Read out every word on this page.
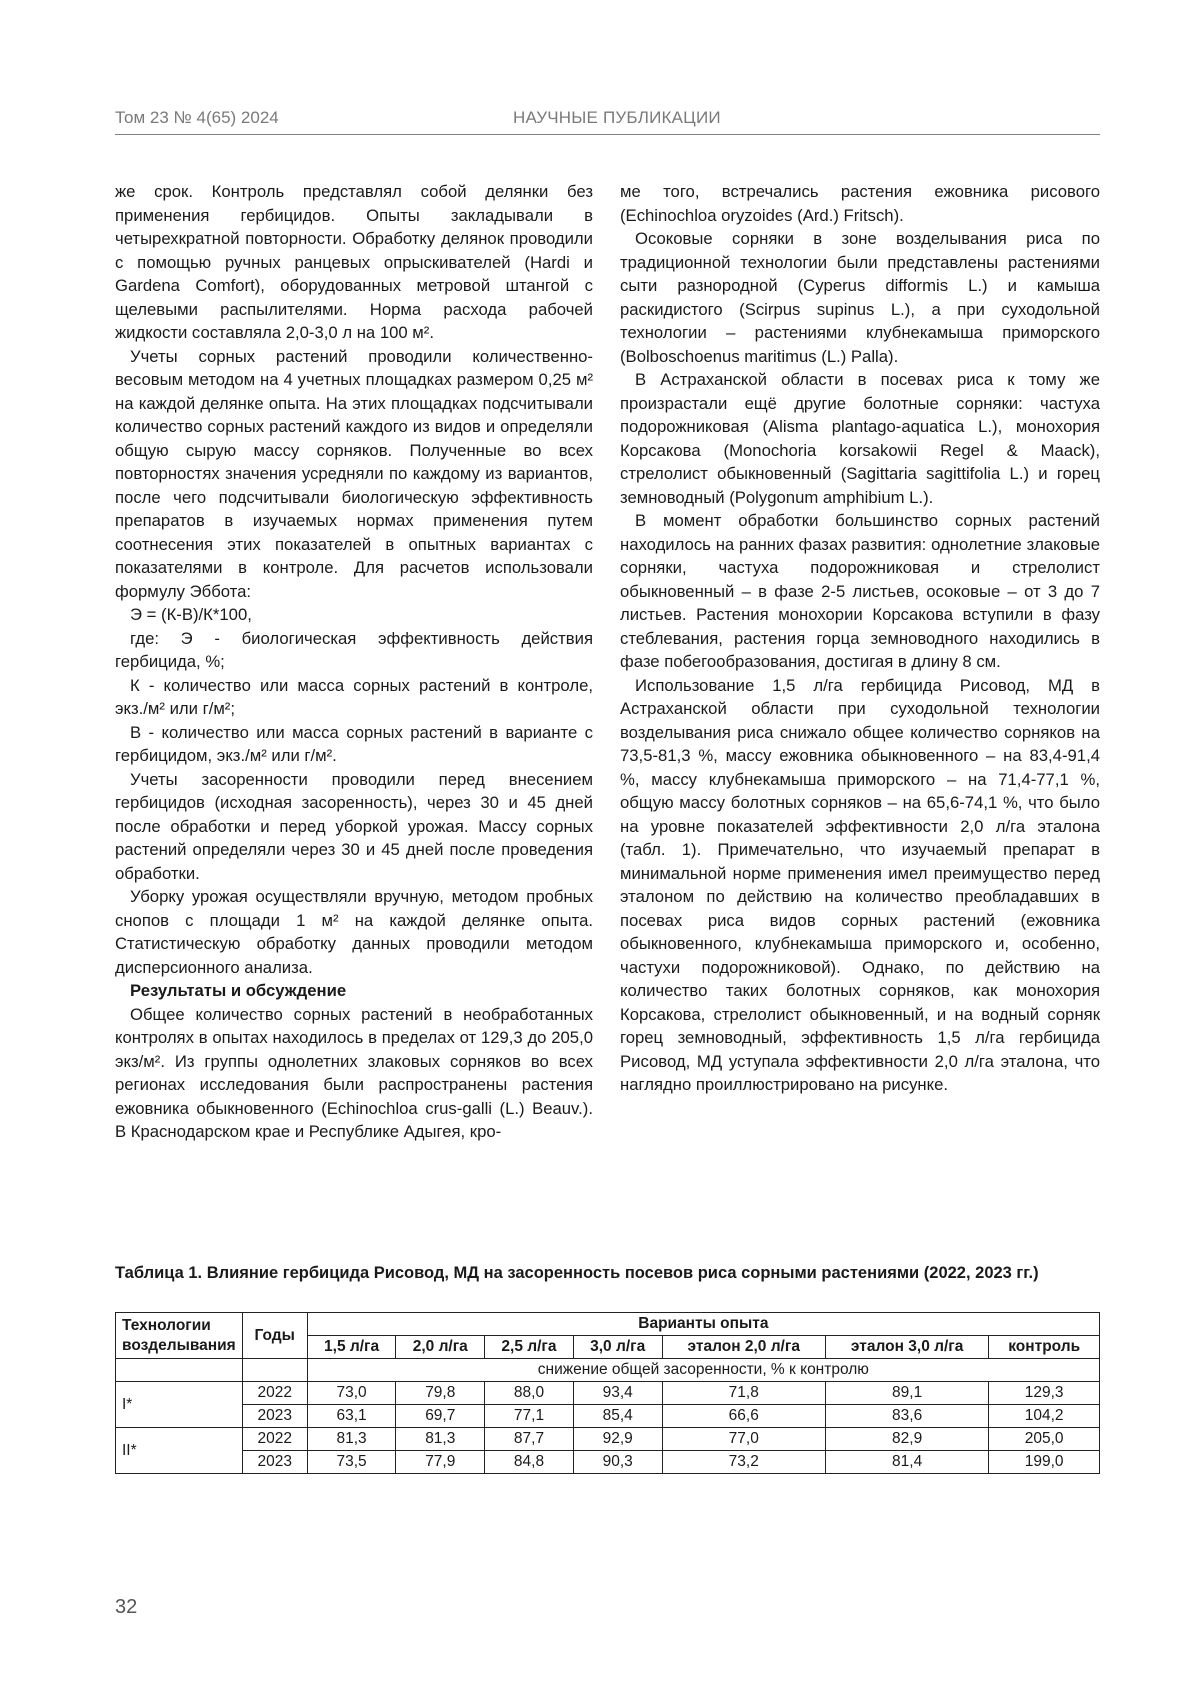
Том 23 № 4(65) 2024	НАУЧНЫЕ ПУБЛИКАЦИИ

же срок. Контроль представлял собой делянки без применения гербицидов. Опыты закладывали в четырехкратной повторности. Обработку делянок проводили с помощью ручных ранцевых опрыскивателей (Hardi и Gardena Comfort), оборудованных метровой штангой с щелевыми распылителями. Норма расхода рабочей жидкости составляла 2,0-3,0 л на 100 м².

Учеты сорных растений проводили количественно-весовым методом на 4 учетных площадках размером 0,25 м² на каждой делянке опыта. На этих площадках подсчитывали количество сорных растений каждого из видов и определяли общую сырую массу сорняков. Полученные во всех повторностях значения усредняли по каждому из вариантов, после чего подсчитывали биологическую эффективность препаратов в изучаемых нормах применения путем соотнесения этих показателей в опытных вариантах с показателями в контроле. Для расчетов использовали формулу Эббота:

Э = (К-В)/К*100,

где: Э - биологическая эффективность действия гербицида, %;

К - количество или масса сорных растений в контроле, экз./м² или г/м²;

В - количество или масса сорных растений в варианте с гербицидом, экз./м² или г/м².

Учеты засоренности проводили перед внесением гербицидов (исходная засоренность), через 30 и 45 дней после обработки и перед уборкой урожая. Массу сорных растений определяли через 30 и 45 дней после проведения обработки.

Уборку урожая осуществляли вручную, методом пробных снопов с площади 1 м² на каждой делянке опыта. Статистическую обработку данных проводили методом дисперсионного анализа.

Результаты и обсуждение

Общее количество сорных растений в необработанных контролях в опытах находилось в пределах от 129,3 до 205,0 экз/м². Из группы однолетних злаковых сорняков во всех регионах исследования были распространены растения ежовника обыкновенного (Echinochloa crus-galli (L.) Beauv.). В Краснодарском крае и Республике Адыгея, кро-

ме того, встречались растения ежовника рисового (Echinochloa oryzoides (Ard.) Fritsch).

Осоковые сорняки в зоне возделывания риса по традиционной технологии были представлены растениями сыти разнородной (Cyperus difformis L.) и камыша раскидистого (Scirpus supinus L.), а при суходольной технологии – растениями клубнекамыша приморского (Bolboschoenus maritimus (L.) Palla).

В Астраханской области в посевах риса к тому же произрастали ещё другие болотные сорняки: частуха подорожниковая (Alisma plantago-aquatica L.), монохория Корсакова (Monochoria korsakowii Regel & Maack), стрелолист обыкновенный (Sagittaria sagittifolia L.) и горец земноводный (Polygonum amphibium L.).

В момент обработки большинство сорных растений находилось на ранних фазах развития: однолетние злаковые сорняки, частуха подорожниковая и стрелолист обыкновенный – в фазе 2-5 листьев, осоковые – от 3 до 7 листьев. Растения монохории Корсакова вступили в фазу стеблевания, растения горца земноводного находились в фазе побегообразования, достигая в длину 8 см.

Использование 1,5 л/га гербицида Рисовод, МД в Астраханской области при суходольной технологии возделывания риса снижало общее количество сорняков на 73,5-81,3 %, массу ежовника обыкновенного – на 83,4-91,4 %, массу клубнекамыша приморского – на 71,4-77,1 %, общую массу болотных сорняков – на 65,6-74,1 %, что было на уровне показателей эффективности 2,0 л/га эталона (табл. 1). Примечательно, что изучаемый препарат в минимальной норме применения имел преимущество перед эталоном по действию на количество преобладавших в посевах риса видов сорных растений (ежовника обыкновенного, клубнекамыша приморского и, особенно, частухи подорожниковой). Однако, по действию на количество таких болотных сорняков, как монохория Корсакова, стрелолист обыкновенный, и на водный сорняк горец земноводный, эффективность 1,5 л/га гербицида Рисовод, МД уступала эффективности 2,0 л/га эталона, что наглядно проиллюстрировано на рисунке.

Таблица 1. Влияние гербицида Рисовод, МД на засоренность посевов риса сорными растениями (2022, 2023 гг.)
Технологии возделывания	Годы	Варианты опыта						
		1,5 л/га	2,0 л/га	2,5 л/га	3,0 л/га	эталон 2,0 л/га	эталон 3,0 л/га	контроль
		снижение общей засоренности, % к контролю						
I*	2022	73,0	79,8	88,0	93,4	71,8	89,1	129,3
	2023	63,1	69,7	77,1	85,4	66,6	83,6	104,2
II*	2022	81,3	81,3	87,7	92,9	77,0	82,9	205,0
	2023	73,5	77,9	84,8	90,3	73,2	81,4	199,0
32
